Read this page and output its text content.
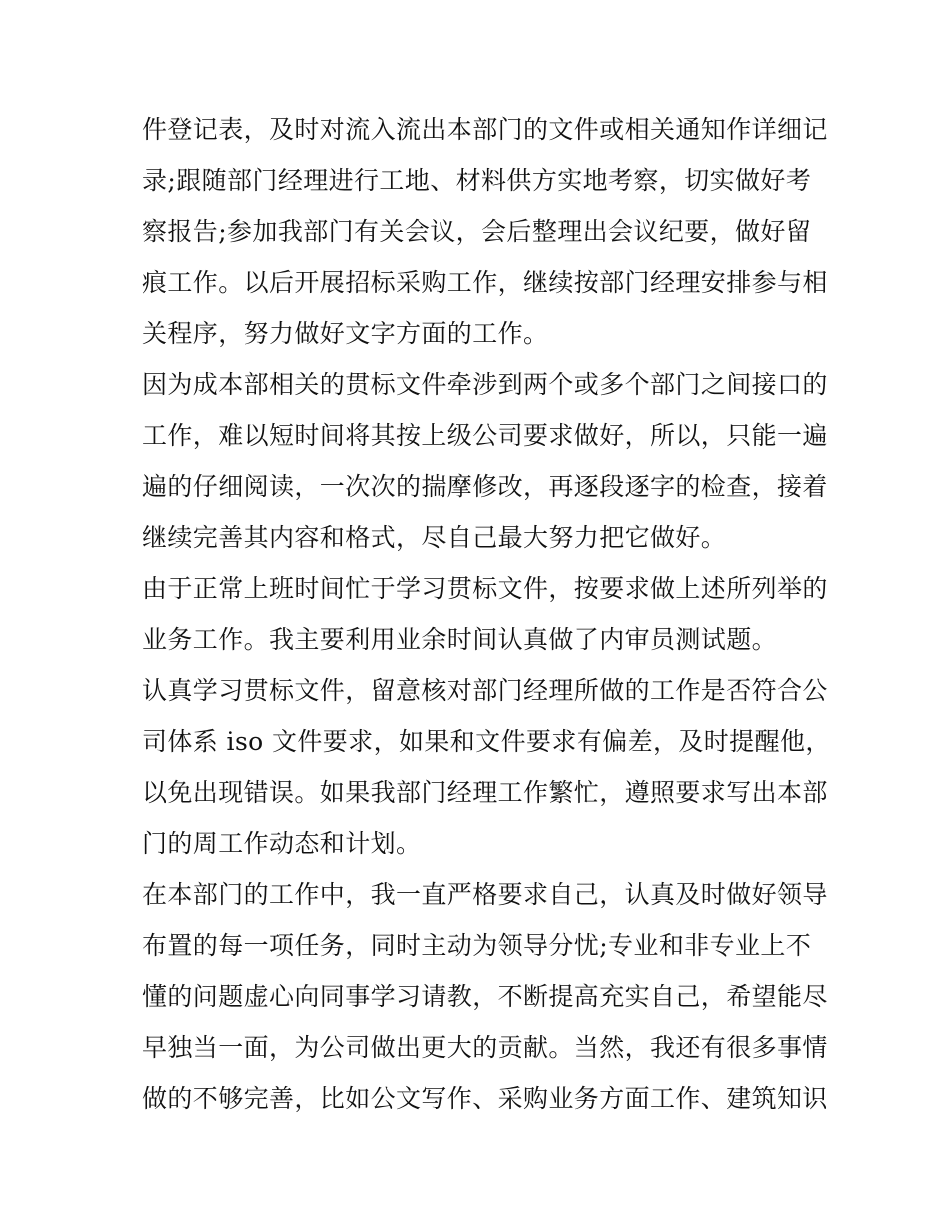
件登记表，及时对流入流出本部门的文件或相关通知作详细记
录;跟随部门经理进行工地、材料供方实地考察，切实做好考
察报告;参加我部门有关会议，会后整理出会议纪要，做好留
痕工作。以后开展招标采购工作，继续按部门经理安排参与相
关程序，努力做好文字方面的工作。
因为成本部相关的贯标文件牵涉到两个或多个部门之间接口的
工作，难以短时间将其按上级公司要求做好，所以，只能一遍
遍的仔细阅读，一次次的揣摩修改，再逐段逐字的检查，接着
继续完善其内容和格式，尽自己最大努力把它做好。
由于正常上班时间忙于学习贯标文件，按要求做上述所列举的
业务工作。我主要利用业余时间认真做了内审员测试题。
认真学习贯标文件，留意核对部门经理所做的工作是否符合公
司体系 iso 文件要求，如果和文件要求有偏差，及时提醒他，
以免出现错误。如果我部门经理工作繁忙，遵照要求写出本部
门的周工作动态和计划。
在本部门的工作中，我一直严格要求自己，认真及时做好领导
布置的每一项任务，同时主动为领导分忧;专业和非专业上不
懂的问题虚心向同事学习请教，不断提高充实自己，希望能尽
早独当一面，为公司做出更大的贡献。当然，我还有很多事情
做的不够完善，比如公文写作、采购业务方面工作、建筑知识
